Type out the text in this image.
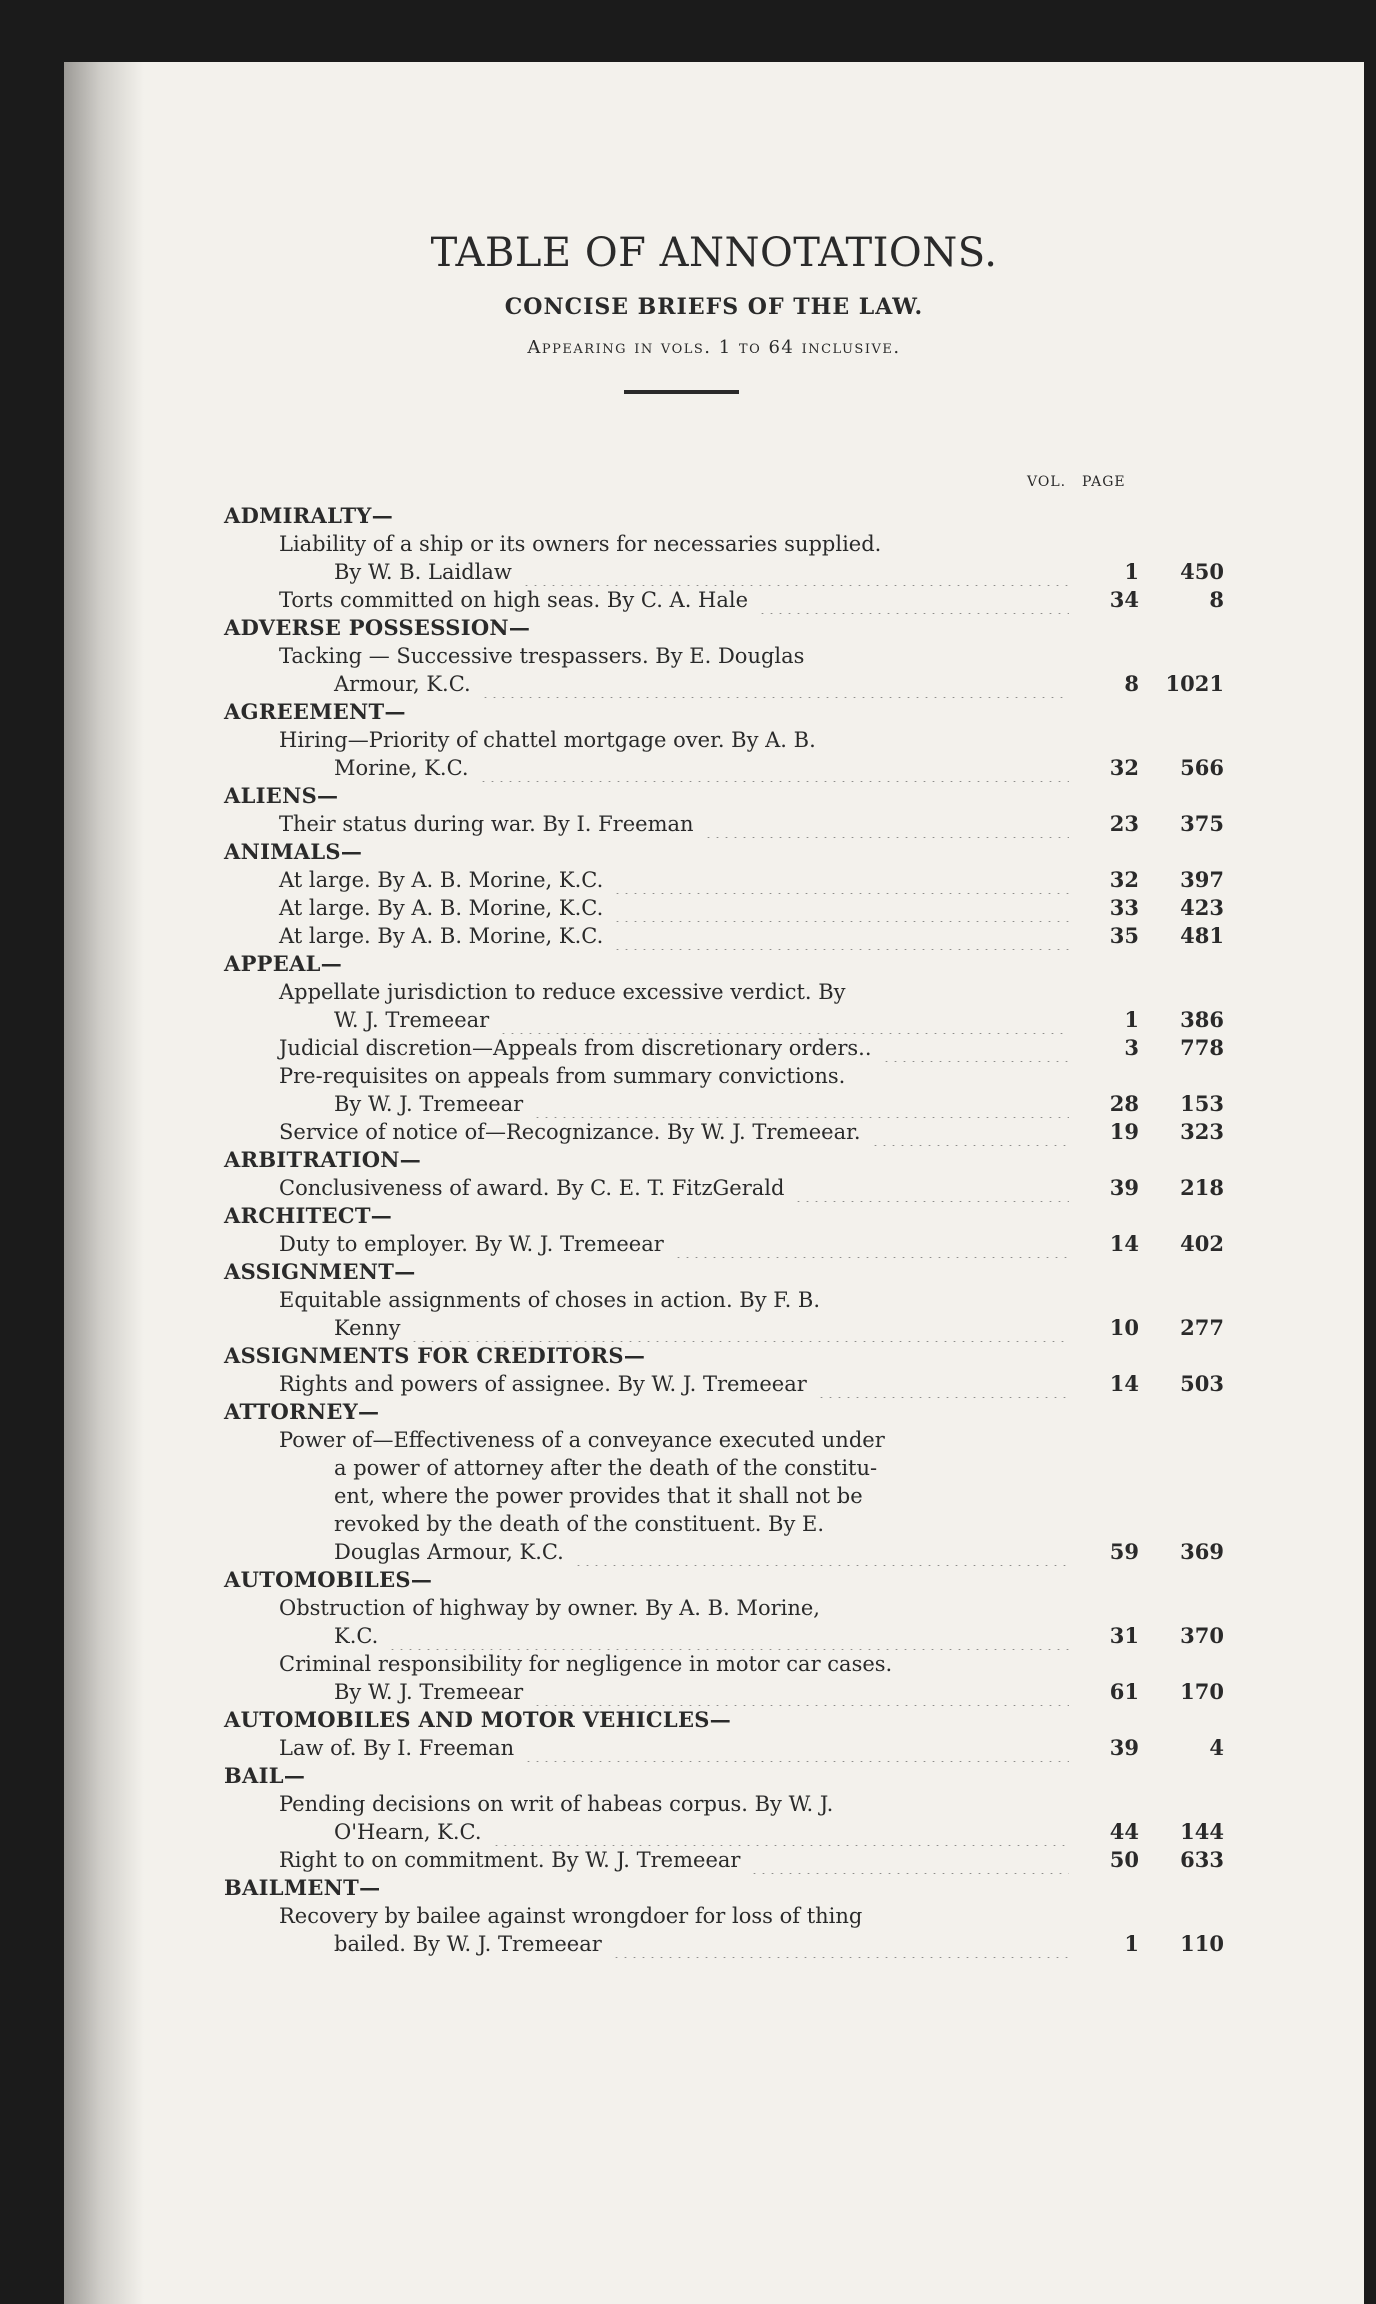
TABLE OF ANNOTATIONS.
CONCISE BRIEFS OF THE LAW.
Appearing in vols. 1 to 64 inclusive.
VOL. PAGE
ADMIRALTY—
Liability of a ship or its owners for necessaries supplied.
By W. B. Laidlaw	1	450
Torts committed on high seas. By C. A. Hale	34	8
ADVERSE POSSESSION—
Tacking — Successive trespassers. By E. Douglas
Armour, K.C.	8	1021
AGREEMENT—
Hiring—Priority of chattel mortgage over. By A. B.
Morine, K.C.	32	566
ALIENS—
Their status during war. By I. Freeman	23	375
ANIMALS—
At large. By A. B. Morine, K.C.	32	397
At large. By A. B. Morine, K.C.	33	423
At large. By A. B. Morine, K.C.	35	481
APPEAL—
Appellate jurisdiction to reduce excessive verdict. By
W. J. Tremeear	1	386
Judicial discretion—Appeals from discretionary orders..	3	778
Pre-requisites on appeals from summary convictions.
By W. J. Tremeear	28	153
Service of notice of—Recognizance. By W. J. Tremeear.	19	323
ARBITRATION—
Conclusiveness of award. By C. E. T. FitzGerald	39	218
ARCHITECT—
Duty to employer. By W. J. Tremeear	14	402
ASSIGNMENT—
Equitable assignments of choses in action. By F. B.
Kenny	10	277
ASSIGNMENTS FOR CREDITORS—
Rights and powers of assignee. By W. J. Tremeear	14	503
ATTORNEY—
Power of—Effectiveness of a conveyance executed under
a power of attorney after the death of the constitu-
ent, where the power provides that it shall not be
revoked by the death of the constituent. By E.
Douglas Armour, K.C.	59	369
AUTOMOBILES—
Obstruction of highway by owner. By A. B. Morine,
K.C.	31	370
Criminal responsibility for negligence in motor car cases.
By W. J. Tremeear	61	170
AUTOMOBILES AND MOTOR VEHICLES—
Law of. By I. Freeman	39	4
BAIL—
Pending decisions on writ of habeas corpus. By W. J.
O'Hearn, K.C.	44	144
Right to on commitment. By W. J. Tremeear	50	633
BAILMENT—
Recovery by bailee against wrongdoer for loss of thing
bailed. By W. J. Tremeear	1	110
